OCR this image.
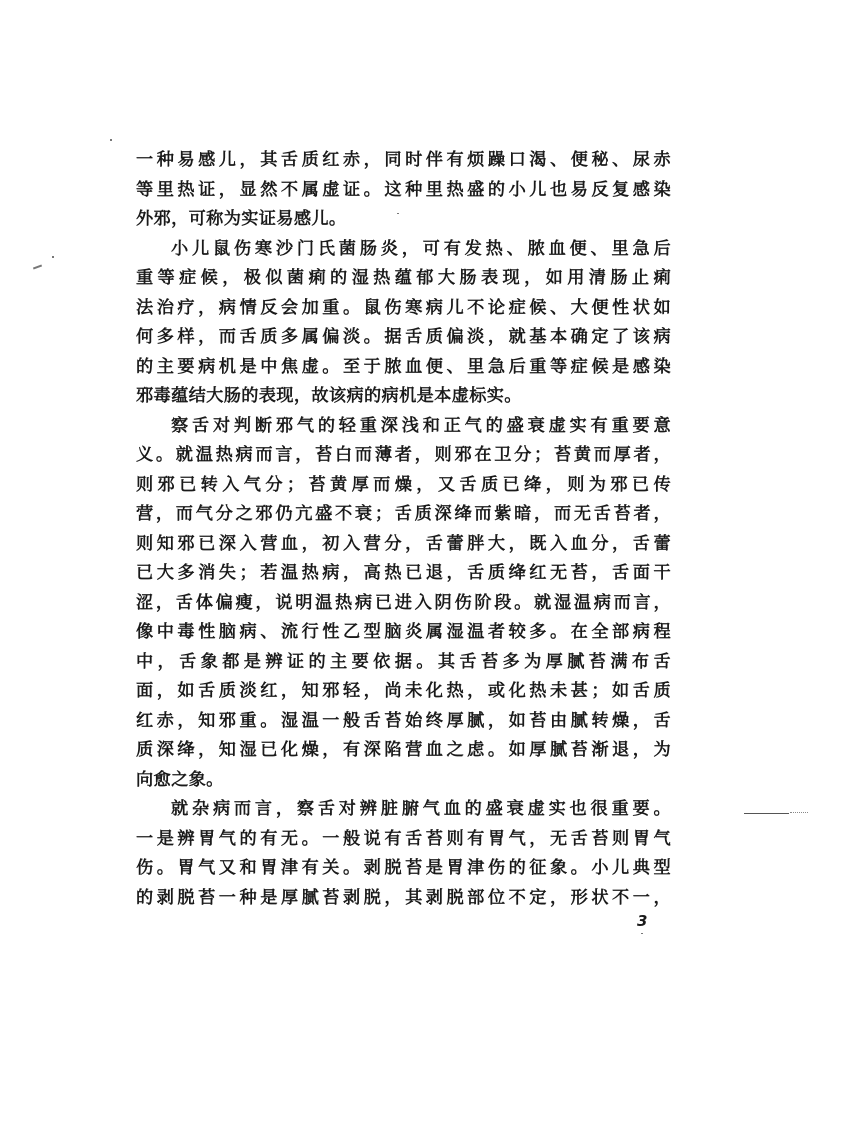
一种易感儿，其舌质红赤，同时伴有烦躁口渴、便秘、尿赤
等里热证，显然不属虚证。这种里热盛的小儿也易反复感染
外邪，可称为实证易感儿。
小儿鼠伤寒沙门氏菌肠炎，可有发热、脓血便、里急后
重等症候，极似菌痢的湿热蕴郁大肠表现，如用清肠止痢
法治疗，病情反会加重。鼠伤寒病儿不论症候、大便性状如
何多样，而舌质多属偏淡。据舌质偏淡，就基本确定了该病
的主要病机是中焦虚。至于脓血便、里急后重等症候是感染
邪毒蕴结大肠的表现，故该病的病机是本虚标实。
察舌对判断邪气的轻重深浅和正气的盛衰虚实有重要意
义。就温热病而言，苔白而薄者，则邪在卫分；苔黄而厚者，
则邪已转入气分；苔黄厚而燥，又舌质已绛，则为邪已传
营，而气分之邪仍亢盛不衰；舌质深绛而紫暗，而无舌苔者，
则知邪已深入营血，初入营分，舌蕾胖大，既入血分，舌蕾
已大多消失；若温热病，高热已退，舌质绛红无苔，舌面干
涩，舌体偏瘦，说明温热病已进入阴伤阶段。就湿温病而言，
像中毒性脑病、流行性乙型脑炎属湿温者较多。在全部病程
中，舌象都是辨证的主要依据。其舌苔多为厚腻苔满布舌
面，如舌质淡红，知邪轻，尚未化热，或化热未甚；如舌质
红赤，知邪重。湿温一般舌苔始终厚腻，如苔由腻转燥，舌
质深绛，知湿已化燥，有深陷营血之虑。如厚腻苔渐退，为
向愈之象。
就杂病而言，察舌对辨脏腑气血的盛衰虚实也很重要。
一是辨胃气的有无。一般说有舌苔则有胃气，无舌苔则胃气
伤。胃气又和胃津有关。剥脱苔是胃津伤的征象。小儿典型
的剥脱苔一种是厚腻苔剥脱，其剥脱部位不定，形状不一，
3
